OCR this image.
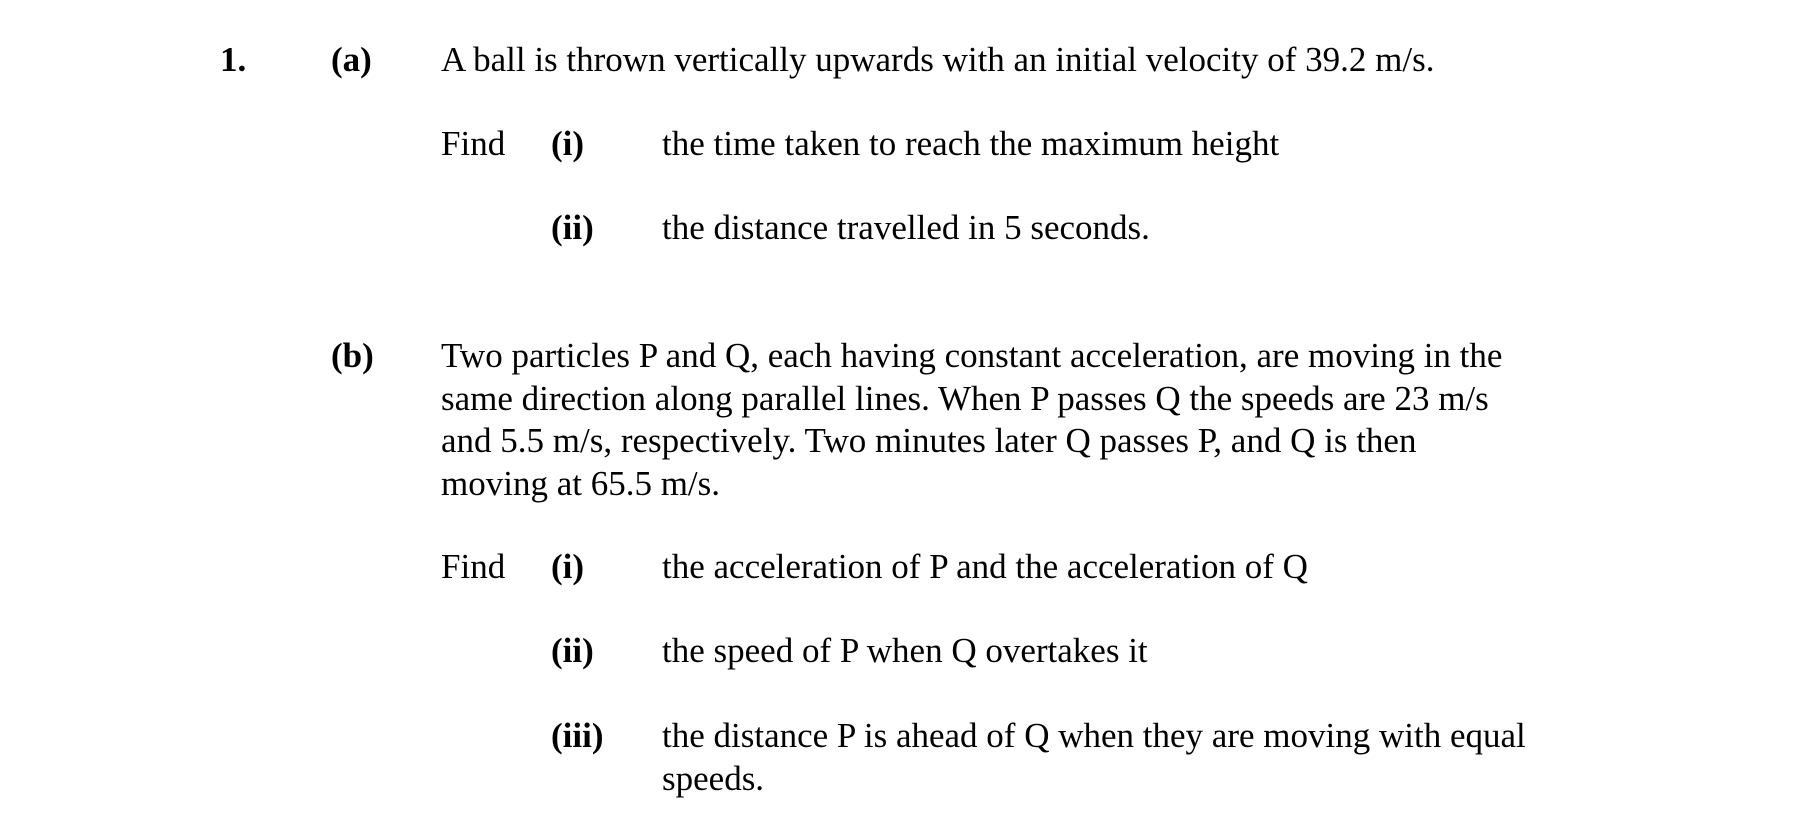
1. (a) A ball is thrown vertically upwards with an initial velocity of 39.2 m/s.
Find (i) the time taken to reach the maximum height
(ii) the distance travelled in 5 seconds.
(b) Two particles P and Q, each having constant acceleration, are moving in the
same direction along parallel lines. When P passes Q the speeds are 23 m/s
and 5.5 m/s, respectively. Two minutes later Q passes P, and Q is then
moving at 65.5 m/s.
Find (i) the acceleration of P and the acceleration of Q
(ii) the speed of P when Q overtakes it
(iii) the distance P is ahead of Q when they are moving with equal
speeds.
